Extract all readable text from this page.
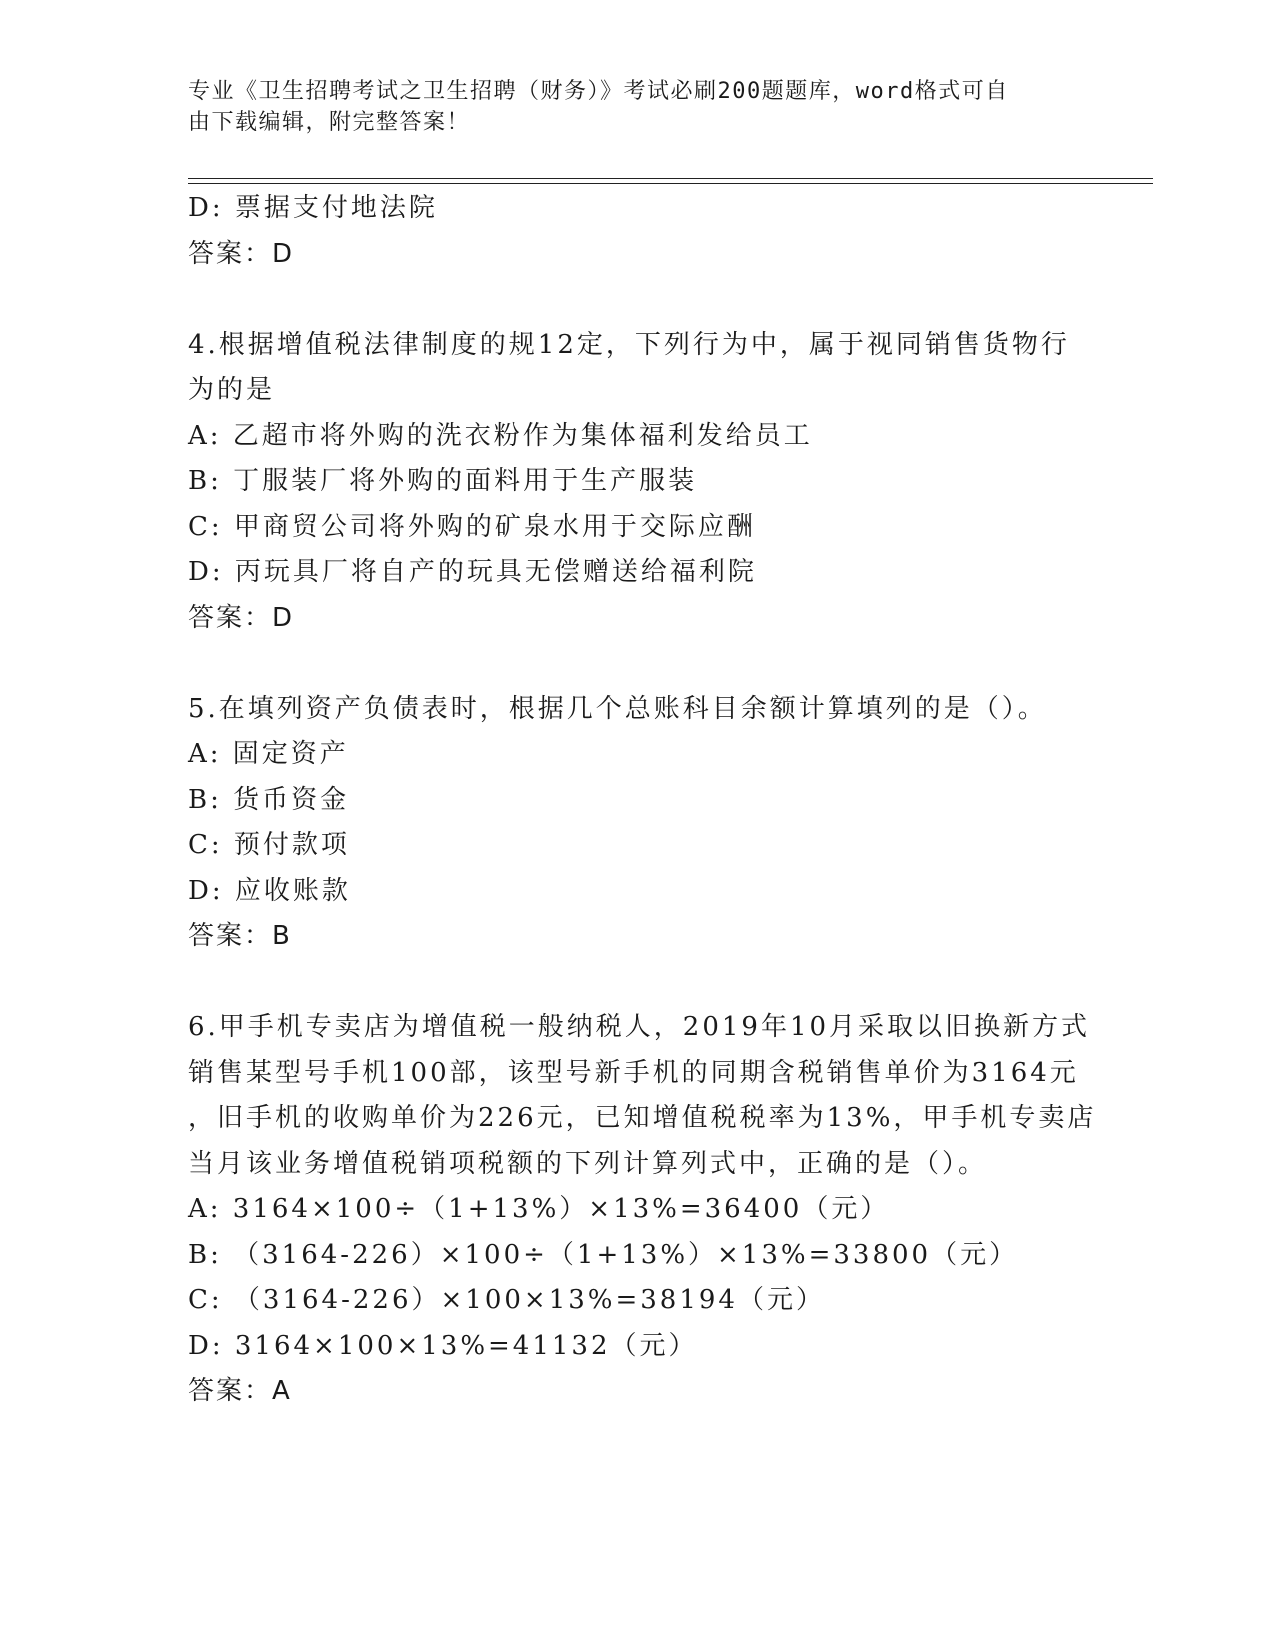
专业《卫生招聘考试之卫生招聘（财务）》考试必刷200题题库，word格式可自
由下载编辑，附完整答案！
D: 票据支付地法院
答案：D
4.根据增值税法律制度的规12定，下列行为中，属于视同销售货物行
为的是
A: 乙超市将外购的洗衣粉作为集体福利发给员工
B: 丁服装厂将外购的面料用于生产服装
C: 甲商贸公司将外购的矿泉水用于交际应酬
D: 丙玩具厂将自产的玩具无偿赠送给福利院
答案：D
5.在填列资产负债表时，根据几个总账科目余额计算填列的是（）。
A: 固定资产
B: 货币资金
C: 预付款项
D: 应收账款
答案：B
6.甲手机专卖店为增值税一般纳税人，2019年10月采取以旧换新方式
销售某型号手机100部，该型号新手机的同期含税销售单价为3164元
，旧手机的收购单价为226元，已知增值税税率为13%，甲手机专卖店
当月该业务增值税销项税额的下列计算列式中，正确的是（）。
A: 3164×100÷（1+13%）×13%=36400（元）
B: （3164-226）×100÷（1+13%）×13%=33800（元）
C: （3164-226）×100×13%=38194（元）
D: 3164×100×13%=41132（元）
答案：A
